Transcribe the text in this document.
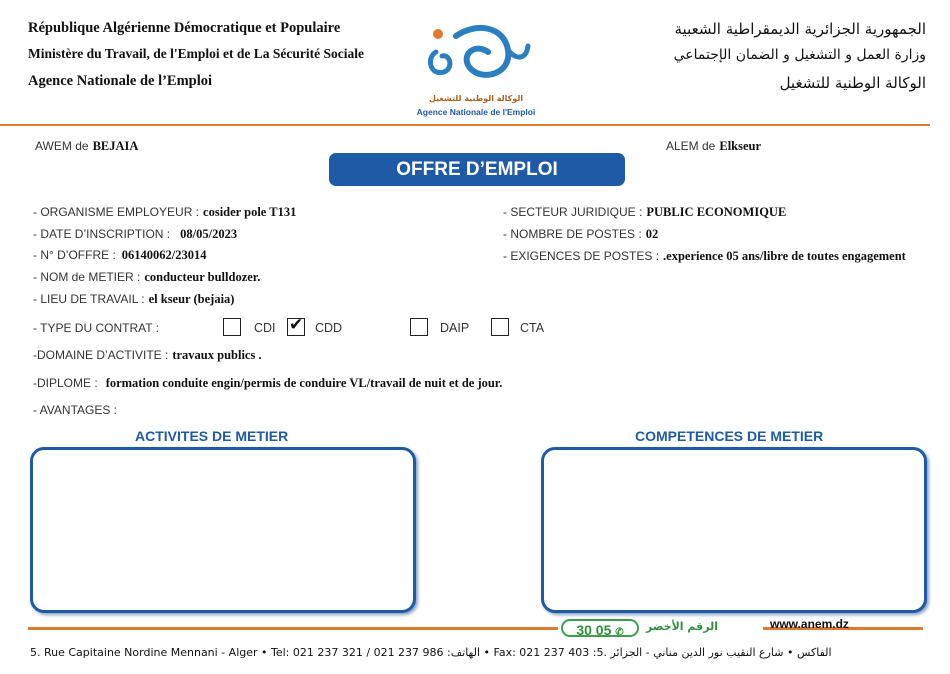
République Algérienne Démocratique et Populaire
Ministère du Travail, de l'Emploi et de La Sécurité Sociale
Agence Nationale de l’Emploi
الوكالة الوطنية للتشغيل
Agence Nationale de l'Emploi
الجمهورية الجزائرية الديمقراطية الشعبية
وزارة العمل و التشغيل و الضمان الإجتماعي
الوكالة الوطنية للتشغيل
AWEM de BEJAIA	ALEM de Elkseur
OFFRE D’EMPLOI
- ORGANISME EMPLOYEUR : cosider pole T131
- DATE D’INSCRIPTION : 08/05/2023
- N° D’OFFRE : 06140062/23014
- NOM de METIER : conducteur bulldozer.
- LIEU DE TRAVAIL : el kseur (bejaia)
- SECTEUR JURIDIQUE : PUBLIC ECONOMIQUE
- NOMBRE DE POSTES : 02
- EXIGENCES DE POSTES : .experience 05 ans/libre de toutes engagement
- TYPE DU CONTRAT :	CDI ✔ CDD	DAIP	CTA
-DOMAINE D’ACTIVITE : travaux publics .
-DIPLOME : formation conduite engin/permis de conduire VL/travail de nuit et de jour.
- AVANTAGES :
ACTIVITES DE METIER	COMPETENCES DE METIER
30 05 ✆	الرقم الأخضر	www.anem.dz
5. Rue Capitaine Nordine Mennani - Alger • Tel: 021 237 321 / 021 237 986 :الهاتف • Fax: 021 237 403 :الفاكس • شارع النقيب نور الدين مناني - الجزائر .5
